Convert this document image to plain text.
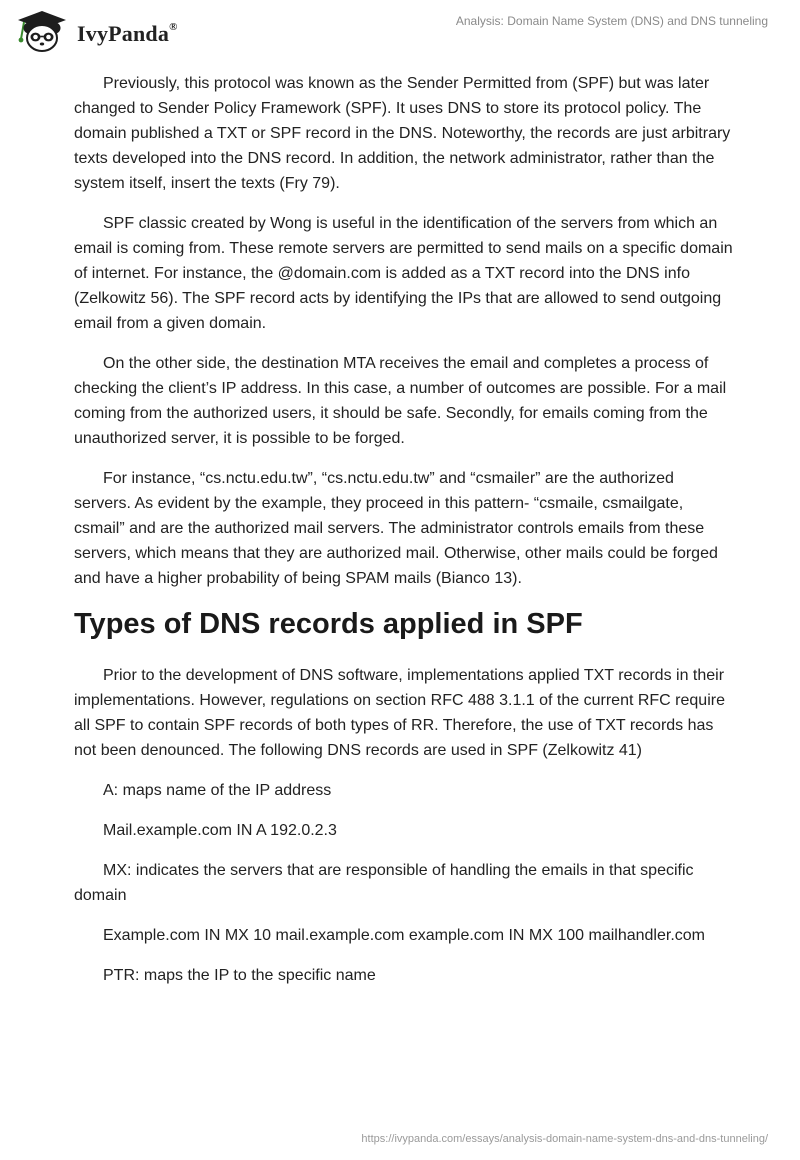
IvyPanda®	Analysis: Domain Name System (DNS) and DNS tunneling

Previously, this protocol was known as the Sender Permitted from (SPF) but was later changed to Sender Policy Framework (SPF). It uses DNS to store its protocol policy. The domain published a TXT or SPF record in the DNS. Noteworthy, the records are just arbitrary texts developed into the DNS record. In addition, the network administrator, rather than the system itself, insert the texts (Fry 79).

SPF classic created by Wong is useful in the identification of the servers from which an email is coming from. These remote servers are permitted to send mails on a specific domain of internet. For instance, the @domain.com is added as a TXT record into the DNS info (Zelkowitz 56). The SPF record acts by identifying the IPs that are allowed to send outgoing email from a given domain.

On the other side, the destination MTA receives the email and completes a process of checking the client’s IP address. In this case, a number of outcomes are possible. For a mail coming from the authorized users, it should be safe. Secondly, for emails coming from the unauthorized server, it is possible to be forged.

For instance, “cs.nctu.edu.tw”, “cs.nctu.edu.tw” and “csmailer” are the authorized servers. As evident by the example, they proceed in this pattern- “csmaile, csmailgate, csmail” and are the authorized mail servers. The administrator controls emails from these servers, which means that they are authorized mail. Otherwise, other mails could be forged and have a higher probability of being SPAM mails (Bianco 13).

Types of DNS records applied in SPF

Prior to the development of DNS software, implementations applied TXT records in their implementations. However, regulations on section RFC 488 3.1.1 of the current RFC require all SPF to contain SPF records of both types of RR. Therefore, the use of TXT records has not been denounced. The following DNS records are used in SPF (Zelkowitz 41)

A: maps name of the IP address

Mail.example.com IN A 192.0.2.3

MX: indicates the servers that are responsible of handling the emails in that specific domain

Example.com IN MX 10 mail.example.com example.com IN MX 100 mailhandler.com

PTR: maps the IP to the specific name

https://ivypanda.com/essays/analysis-domain-name-system-dns-and-dns-tunneling/
